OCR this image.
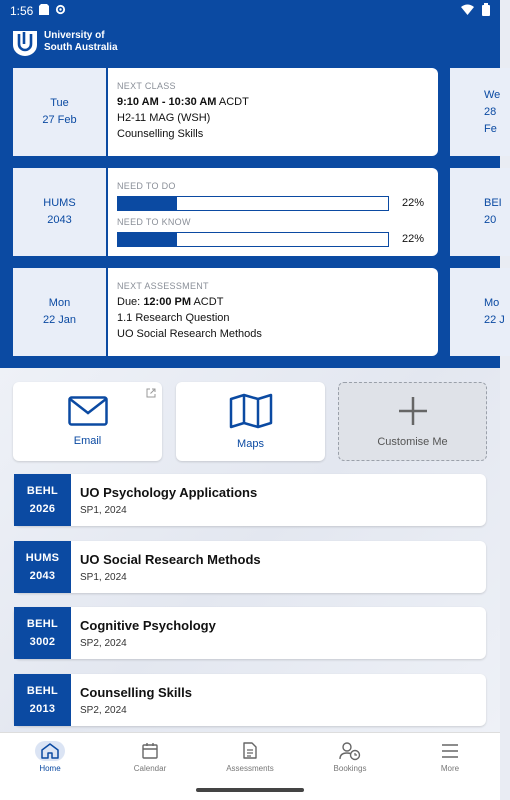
1:56
University of
South Australia
Tue
27 Feb
NEXT CLASS
9:10 AM - 10:30 AM ACDT
H2-11 MAG (WSH)
Counselling Skills
We
28 Fe
HUMS
2043
NEED TO DO
22%
NEED TO KNOW
22%
BEI
20
Mon
22 Jan
NEXT ASSESSMENT
Due: 12:00 PM ACDT
1.1 Research Question
UO Social Research Methods
Mo
22 J
Email	Maps	Customise Me
BEHL
2026
UO Psychology Applications
SP1, 2024
HUMS
2043
UO Social Research Methods
SP1, 2024
BEHL
3002
Cognitive Psychology
SP2, 2024
BEHL
2013
Counselling Skills
SP2, 2024
Home	Calendar	Assessments	Bookings	More
